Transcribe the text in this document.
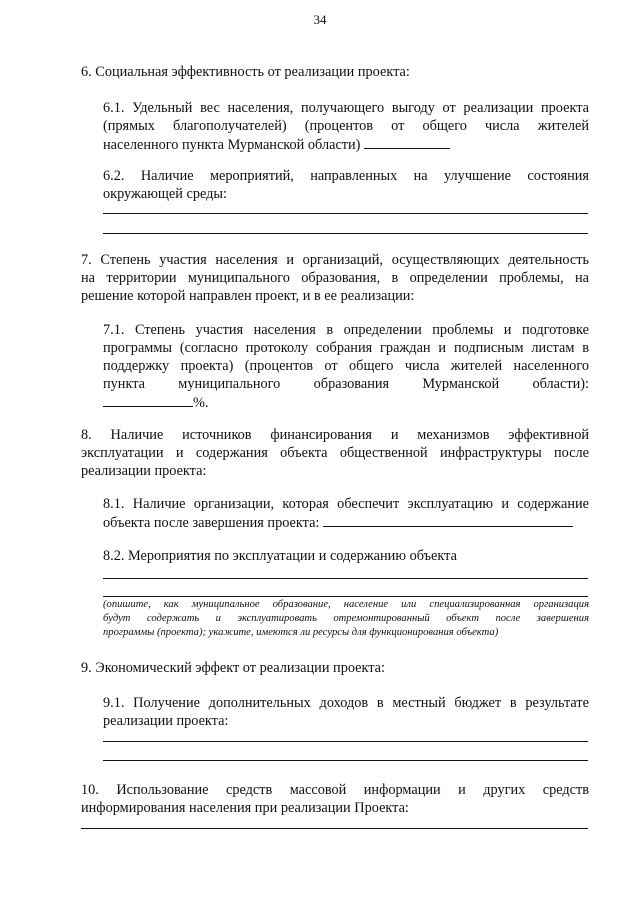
34
6. Социальная эффективность от реализации проекта:
6.1. Удельный вес населения, получающего выгоду от реализации проекта
(прямых благополучателей) (процентов от общего числа жителей
населенного пункта Мурманской области)
6.2. Наличие мероприятий, направленных на улучшение состояния
окружающей среды:
7. Степень участия населения и организаций, осуществляющих деятельность
на территории муниципального образования, в определении проблемы, на
решение которой направлен проект, и в ее реализации:
7.1. Степень участия населения в определении проблемы и подготовке
программы (согласно протоколу собрания граждан и подписным листам в
поддержку проекта) (процентов от общего числа жителей населенного
пункта муниципального образования Мурманской области):
%.
8. Наличие источников финансирования и механизмов эффективной
эксплуатации и содержания объекта общественной инфраструктуры после
реализации проекта:
8.1. Наличие организации, которая обеспечит эксплуатацию и содержание
объекта после завершения проекта:
8.2. Мероприятия по эксплуатации и содержанию объекта
(опишите, как муниципальное образование, население или специализированная организация
будут содержать и эксплуатировать отремонтированный объект после завершения
программы (проекта); укажите, имеются ли ресурсы для функционирования объекта)
9. Экономический эффект от реализации проекта:
9.1. Получение дополнительных доходов в местный бюджет в результате
реализации проекта:
10. Использование средств массовой информации и других средств
информирования населения при реализации Проекта:
